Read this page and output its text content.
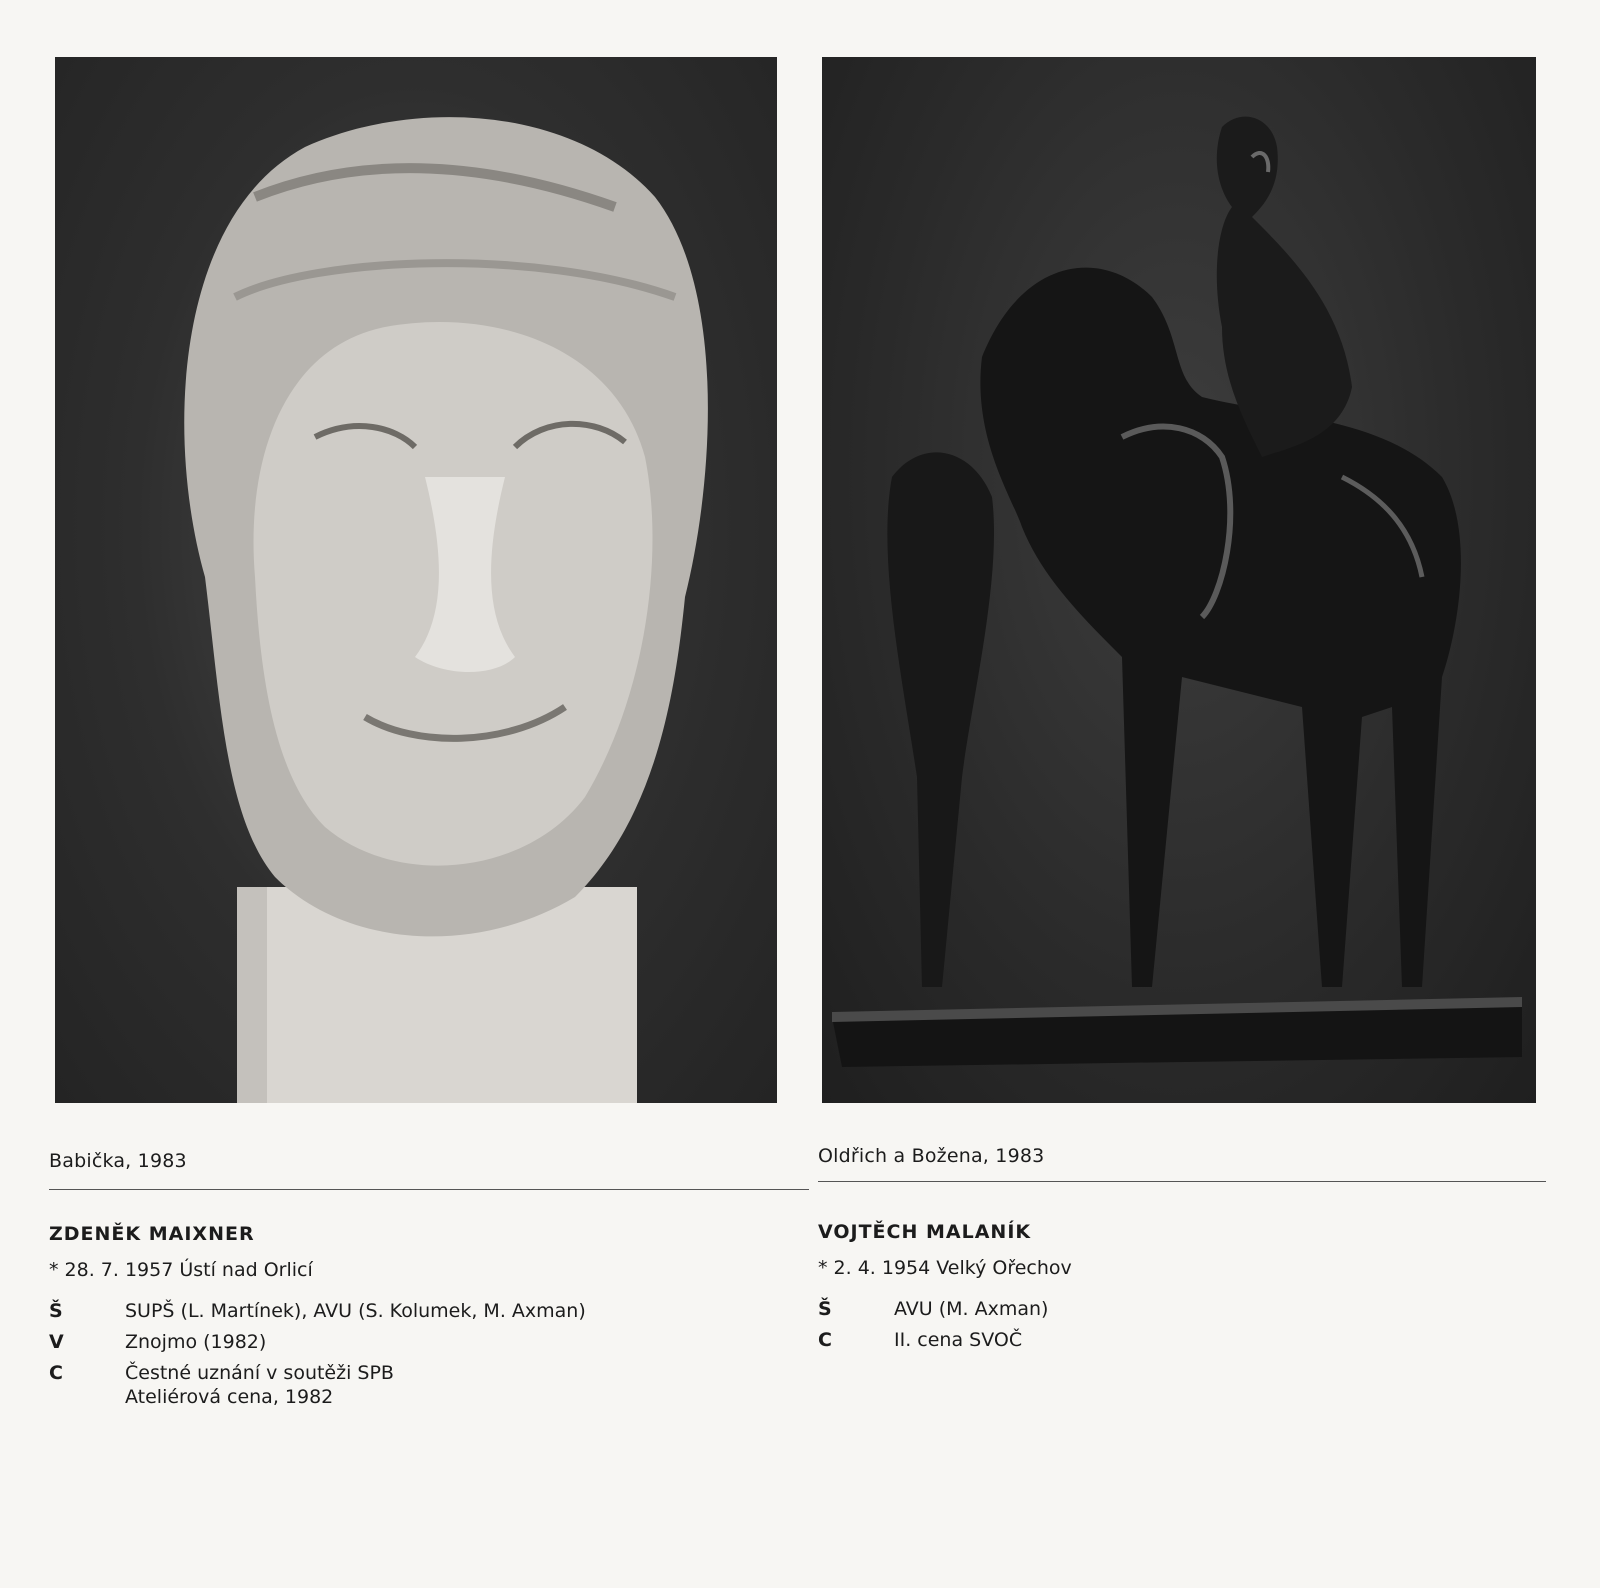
Babička, 1983	Oldřich a Božena, 1983
ZDENĚK MAIXNER
* 28. 7. 1957 Ústí nad Orlicí
Š	SUPŠ (L. Martínek), AVU (S. Kolumek, M. Axman)
V	Znojmo (1982)
C	Čestné uznání v soutěži SPB
Ateliérová cena, 1982
VOJTĚCH MALANÍK
* 2. 4. 1954 Velký Ořechov
Š	AVU (M. Axman)
C	II. cena SVOČ
